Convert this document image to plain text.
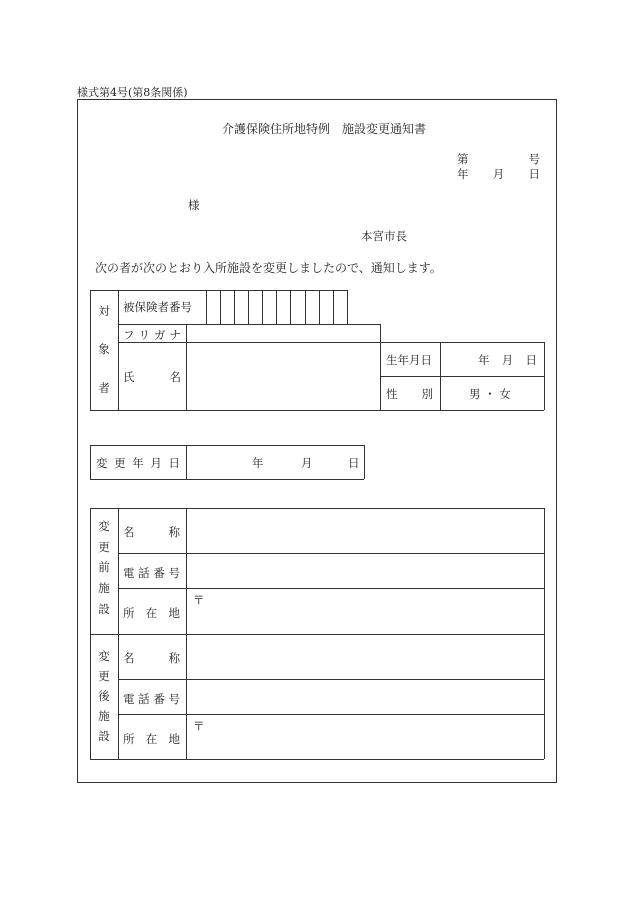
様式第4号(第8条関係)
介護保険住所地特例　施設変更通知書
第	号
年 月 日
様
本宮市長
次の者が次のとおり入所施設を変更しましたので、通知します。
対
象
者
被保険者番号
フ リ ガ ナ
氏	名
生年月日	年 月 日
性 別	男 ・ 女
変 更 年 月 日	年	月	日
変
更
前
施
設
名	称
電 話 番 号
所 在 地
〒
変
更
後
施
設
名	称
電 話 番 号
所 在 地
〒
